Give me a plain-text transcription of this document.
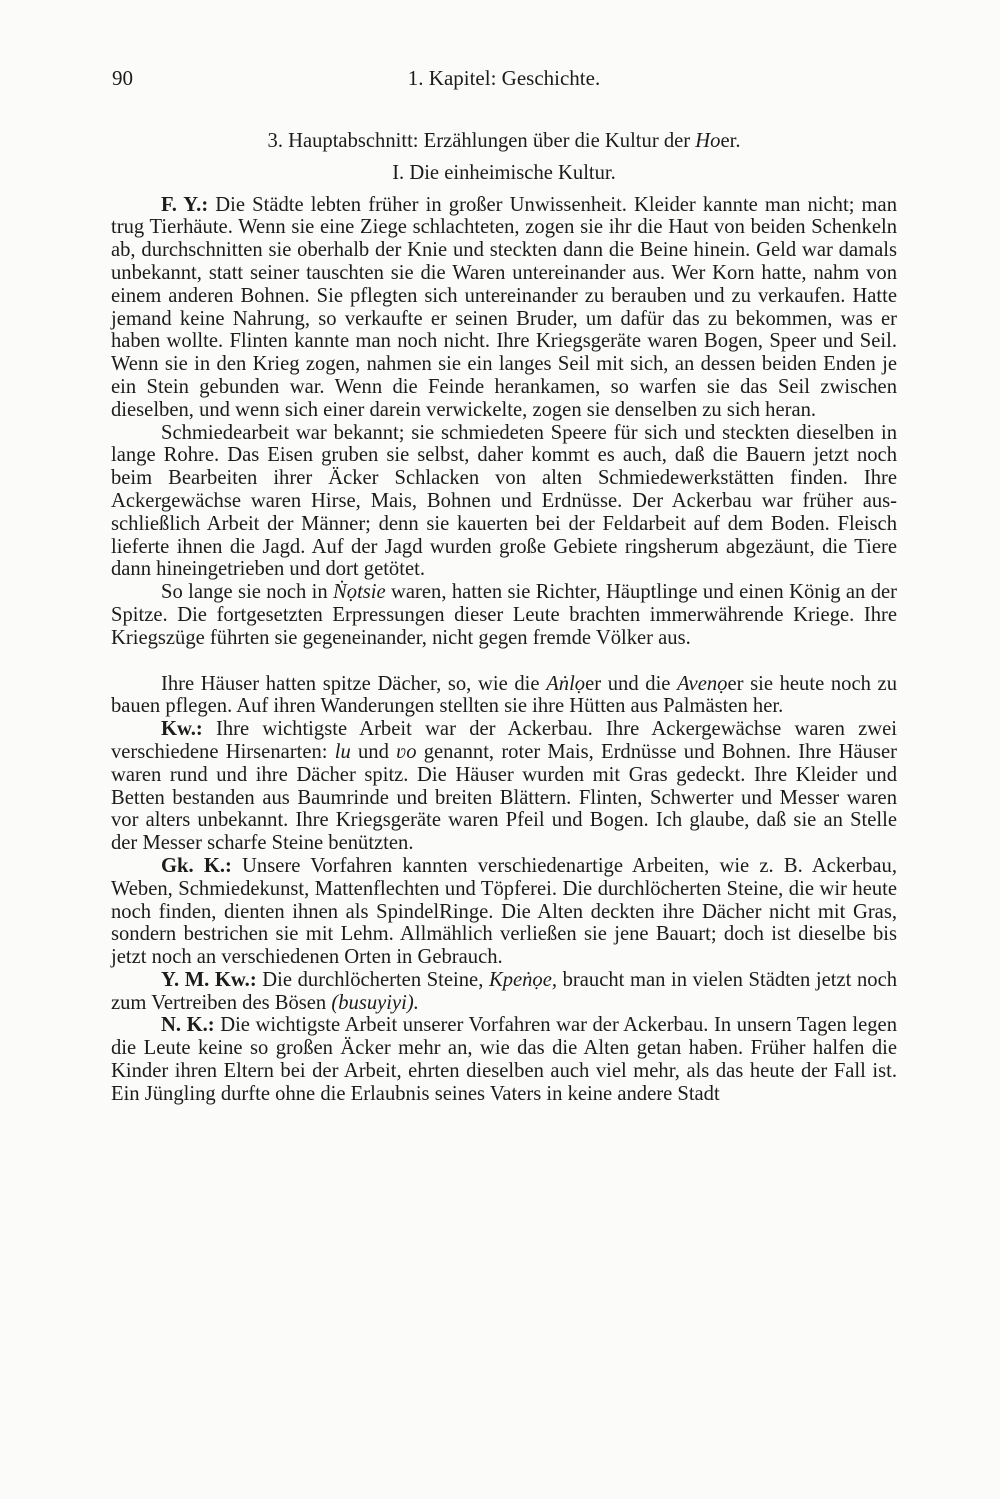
90	1. Kapitel: Geschichte.
3. Hauptabschnitt: Erzählungen über die Kultur der Hoer.
I. Die einheimische Kultur.

F. Y.: Die Städte lebten früher in großer Unwissenheit. Kleider kannte man nicht; man trug Tierhäute. Wenn sie eine Ziege schlachteten, zogen sie ihr die Haut von beiden Schenkeln ab, durchschnitten sie oberhalb der Knie und steckten dann die Beine hinein. Geld war damals unbekannt, statt seiner tauschten sie die Waren untereinander aus. Wer Korn hatte, nahm von einem anderen Bohnen. Sie pflegten sich untereinander zu berauben und zu verkaufen. Hatte jemand keine Nahrung, so verkaufte er seinen Bruder, um dafür das zu bekommen, was er haben wollte. Flinten kannte man noch nicht. Ihre Kriegsgeräte waren Bogen, Speer und Seil. Wenn sie in den Krieg zogen, nahmen sie ein langes Seil mit sich, an dessen beiden Enden je ein Stein gebunden war. Wenn die Feinde herankamen, so warfen sie das Seil zwischen dieselben, und wenn sich einer darein verwickelte, zogen sie denselben zu sich heran.

Schmiedearbeit war bekannt; sie schmiedeten Speere für sich und steckten dieselben in lange Rohre. Das Eisen gruben sie selbst, daher kommt es auch, daß die Bauern jetzt noch beim Bearbeiten ihrer Äcker Schlacken von alten Schmiedewerkstätten finden. Ihre Ackergewächse waren Hirse, Mais, Bohnen und Erdnüsse. Der Ackerbau war früher ausschließlich Arbeit der Männer; denn sie kauerten bei der Feldarbeit auf dem Boden. Fleisch lieferte ihnen die Jagd. Auf der Jagd wurden große Gebiete ringsherum abgezäunt, die Tiere dann hineingetrieben und dort getötet.

So lange sie noch in Ṅọtsie waren, hatten sie Richter, Häuptlinge und einen König an der Spitze. Die fortgesetzten Erpressungen dieser Leute brachten immerwährende Kriege. Ihre Kriegszüge führten sie gegeneinander, nicht gegen fremde Völker aus.

Ihre Häuser hatten spitze Dächer, so, wie die Aṅlọer und die Avenọer sie heute noch zu bauen pflegen. Auf ihren Wanderungen stellten sie ihre Hütten aus Palmästen her.

Kw.: Ihre wichtigste Arbeit war der Ackerbau. Ihre Ackergewächse waren zwei verschiedene Hirsenarten: lu und ʋo genannt, roter Mais, Erdnüsse und Bohnen. Ihre Häuser waren rund und ihre Dächer spitz. Die Häuser wurden mit Gras gedeckt. Ihre Kleider und Betten bestanden aus Baumrinde und breiten Blättern. Flinten, Schwerter und Messer waren vor alters unbekannt. Ihre Kriegsgeräte waren Pfeil und Bogen. Ich glaube, daß sie an Stelle der Messer scharfe Steine benützten.

Gk. K.: Unsere Vorfahren kannten verschiedenartige Arbeiten, wie z. B. Ackerbau, Weben, Schmiedekunst, Mattenflechten und Töpferei. Die durchlöcherten Steine, die wir heute noch finden, dienten ihnen als SpindelRinge. Die Alten deckten ihre Dächer nicht mit Gras, sondern bestrichen sie mit Lehm. Allmählich verließen sie jene Bauart; doch ist dieselbe bis jetzt noch an verschiedenen Orten in Gebrauch.

Y. M. Kw.: Die durchlöcherten Steine, Kpeṅọe, braucht man in vielen Städten jetzt noch zum Vertreiben des Bösen (busuyiyi).

N. K.: Die wichtigste Arbeit unserer Vorfahren war der Ackerbau. In unsern Tagen legen die Leute keine so großen Äcker mehr an, wie das die Alten getan haben. Früher halfen die Kinder ihren Eltern bei der Arbeit, ehrten dieselben auch viel mehr, als das heute der Fall ist. Ein Jüngling durfte ohne die Erlaubnis seines Vaters in keine andere Stadt
